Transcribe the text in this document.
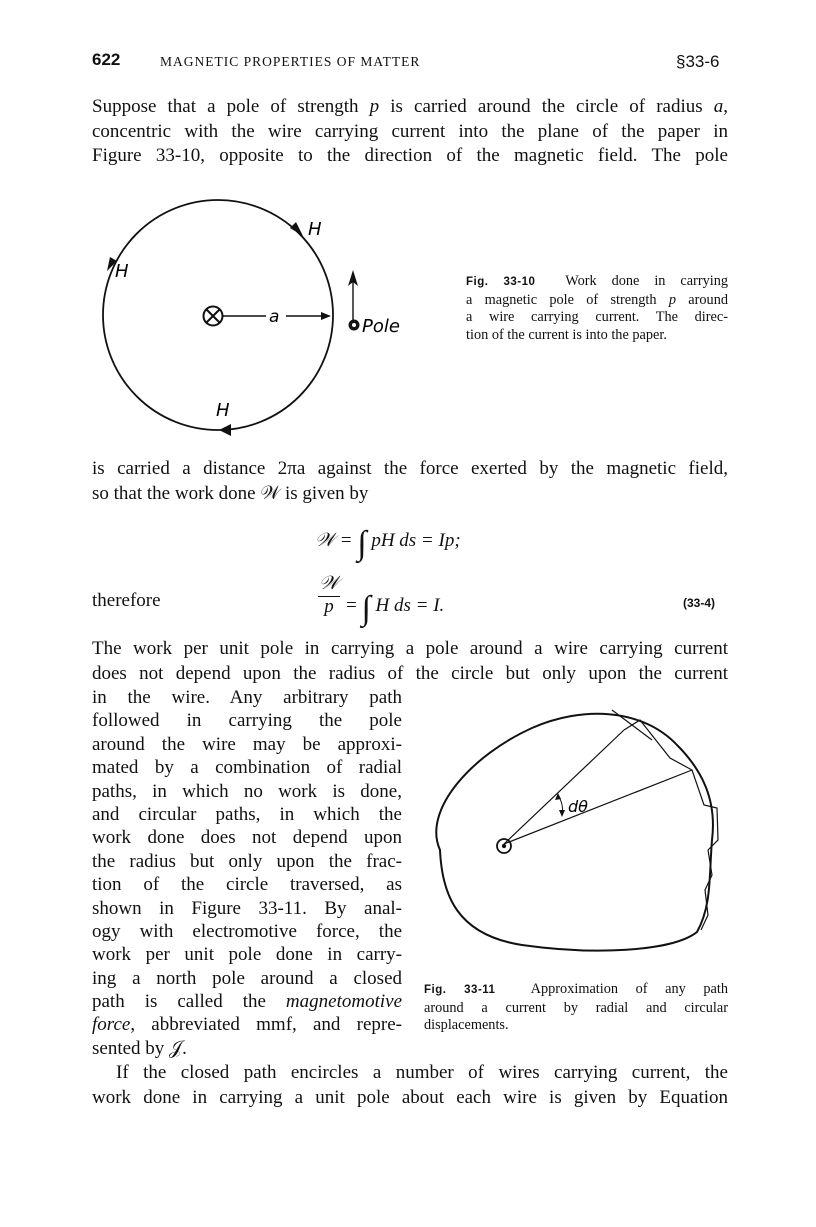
622	MAGNETIC PROPERTIES OF MATTER	§33-6
Suppose that a pole of strength p is carried around the circle of radius a,
concentric with the wire carrying current into the plane of the paper in
Figure 33-10, opposite to the direction of the magnetic field. The pole
a
H
H
H
Pole
Fig. 33-10 Work done in carrying
a magnetic pole of strength p around
a wire carrying current. The direc-
tion of the current is into the paper.
is carried a distance 2πa against the force exerted by the magnetic field,
so that the work done 𝒲 is given by
𝒲 = ∫ pH ds = Ip;
therefore
𝒲
p = ∫ H ds = I.	(33-4)
The work per unit pole in carrying a pole around a wire carrying current
does not depend upon the radius of the circle but only upon the current
in the wire. Any arbitrary path
followed in carrying the pole
around the wire may be approxi-
mated by a combination of radial
paths, in which no work is done,
and circular paths, in which the
work done does not depend upon
the radius but only upon the frac-
tion of the circle traversed, as
shown in Figure 33-11. By anal-
ogy with electromotive force, the
work per unit pole done in carry-
ing a north pole around a closed
path is called the magnetomotive
force, abbreviated mmf, and repre-
sented by 𝒥.
dθ
Fig. 33-11 Approximation of any path
around a current by radial and circular
displacements.
If the closed path encircles a number of wires carrying current, the
work done in carrying a unit pole about each wire is given by Equation
